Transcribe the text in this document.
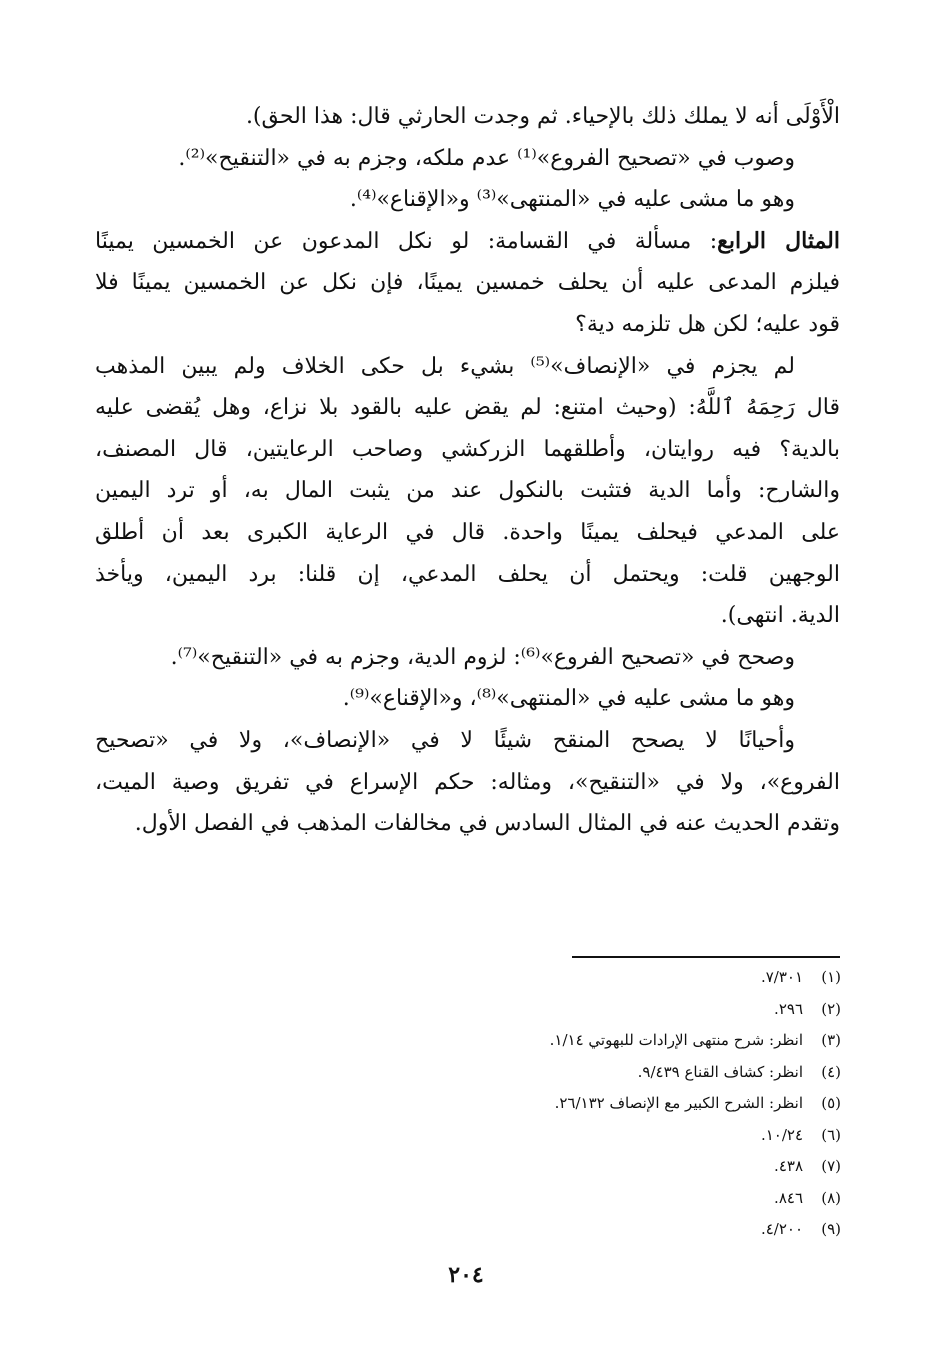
الْأَوْلَى أنه لا يملك ذلك بالإحياء. ثم وجدت الحارثي قال: هذا الحق).

وصوب في «تصحيح الفروع»⁽¹⁾ عدم ملكه، وجزم به في «التنقيح»⁽²⁾.

وهو ما مشى عليه في «المنتهى»⁽³⁾ و«الإقناع»⁽⁴⁾.

المثال الرابع: مسألة في القسامة: لو نكل المدعون عن الخمسين يمينًا
فيلزم المدعى عليه أن يحلف خمسين يمينًا، فإن نكل عن الخمسين يمينًا فلا
قود عليه؛ لكن هل تلزمه دية؟

لم يجزم في «الإنصاف»⁽⁵⁾ بشيء بل حكى الخلاف ولم يبين المذهب
قال رَحِمَهُ ٱللَّهُ: (وحيث امتنع: لم يقض عليه بالقود بلا نزاع، وهل يُقضى عليه
بالدية؟ فيه روايتان، وأطلقهما الزركشي وصاحب الرعايتين، قال المصنف،
والشارح: وأما الدية فتثبت بالنكول عند من يثبت المال به، أو ترد اليمين
على المدعي فيحلف يمينًا واحدة. قال في الرعاية الكبرى بعد أن أطلق
الوجهين قلت: ويحتمل أن يحلف المدعي، إن قلنا: برد اليمين، ويأخذ
الدية. انتهى).

وصحح في «تصحيح الفروع»⁽⁶⁾: لزوم الدية، وجزم به في «التنقيح»⁽⁷⁾.

وهو ما مشى عليه في «المنتهى»⁽⁸⁾، و«الإقناع»⁽⁹⁾.

وأحيانًا لا يصحح المنقح شيئًا لا في «الإنصاف»، ولا في «تصحيح
الفروع»، ولا في «التنقيح»، ومثاله: حكم الإسراع في تفريق وصية الميت،
وتقدم الحديث عنه في المثال السادس في مخالفات المذهب في الفصل الأول.

(١)٧/٣٠١.
(٢)٢٩٦.
(٣)انظر: شرح منتهى الإرادات للبهوتي ١/١٤.
(٤)انظر: كشاف القناع ٩/٤٣٩.
(٥)انظر: الشرح الكبير مع الإنصاف ٢٦/١٣٢.
(٦)١٠/٢٤.
(٧)٤٣٨.
(٨)٨٤٦.
(٩)٤/٢٠٠.
٢٠٤
